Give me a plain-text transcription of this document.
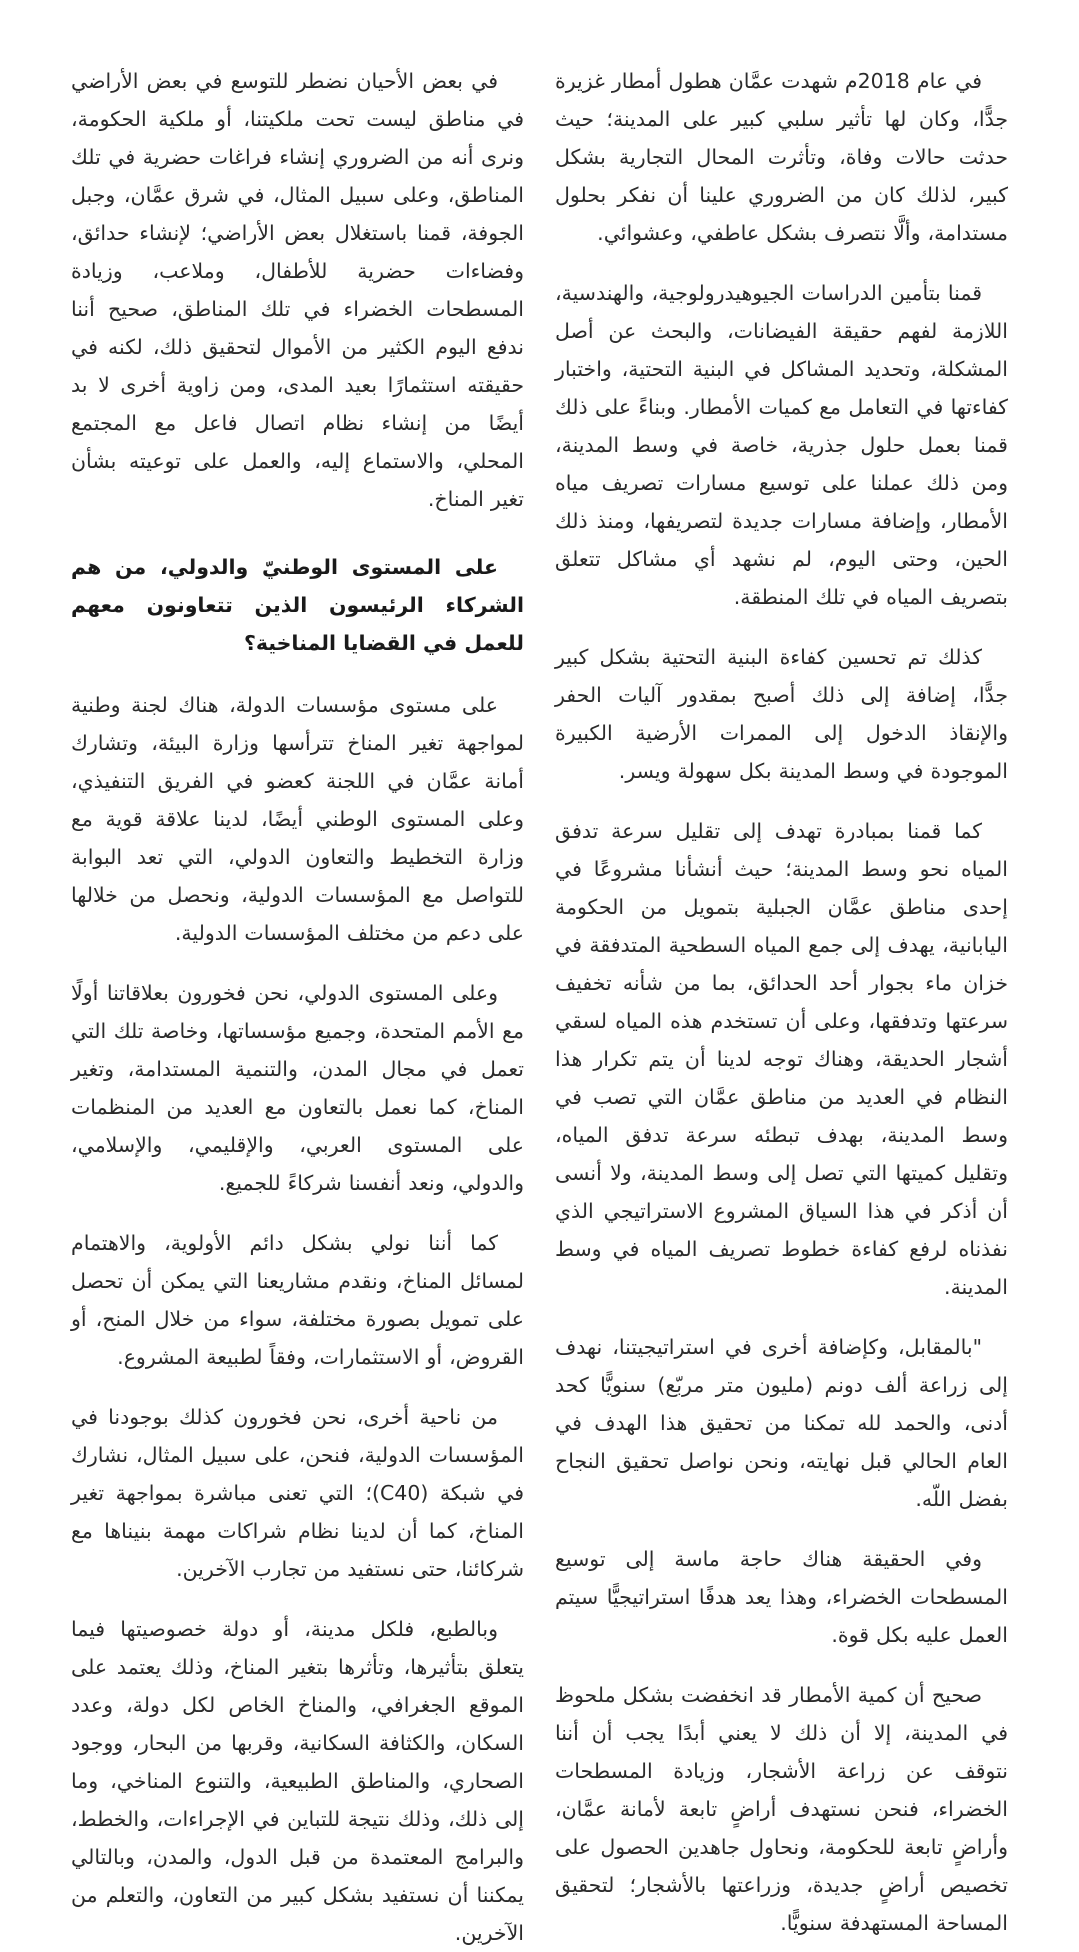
في عام 2018م شهدت عمَّان هطول أمطار غزيرة جدًّا، وكان لها تأثير سلبي كبير على المدينة؛ حيث حدثت حالات وفاة، وتأثرت المحال التجارية بشكل كبير، لذلك كان من الضروري علينا أن نفكر بحلول مستدامة، وألَّا نتصرف بشكل عاطفي، وعشوائي.

قمنا بتأمين الدراسات الجيوهيدرولوجية، والهندسية، اللازمة لفهم حقيقة الفيضانات، والبحث عن أصل المشكلة، وتحديد المشاكل في البنية التحتية، واختبار كفاءتها في التعامل مع كميات الأمطار. وبناءً على ذلك قمنا بعمل حلول جذرية، خاصة في وسط المدينة، ومن ذلك عملنا على توسيع مسارات تصريف مياه الأمطار، وإضافة مسارات جديدة لتصريفها، ومنذ ذلك الحين، وحتى اليوم، لم نشهد أي مشاكل تتعلق بتصريف المياه في تلك المنطقة.

كذلك تم تحسين كفاءة البنية التحتية بشكل كبير جدًّا، إضافة إلى ذلك أصبح بمقدور آليات الحفر والإنقاذ الدخول إلى الممرات الأرضية الكبيرة الموجودة في وسط المدينة بكل سهولة ويسر.

كما قمنا بمبادرة تهدف إلى تقليل سرعة تدفق المياه نحو وسط المدينة؛ حيث أنشأنا مشروعًا في إحدى مناطق عمَّان الجبلية بتمويل من الحكومة اليابانية، يهدف إلى جمع المياه السطحية المتدفقة في خزان ماء بجوار أحد الحدائق، بما من شأنه تخفيف سرعتها وتدفقها، وعلى أن تستخدم هذه المياه لسقي أشجار الحديقة، وهناك توجه لدينا أن يتم تكرار هذا النظام في العديد من مناطق عمَّان التي تصب في وسط المدينة، بهدف تبطئه سرعة تدفق المياه، وتقليل كميتها التي تصل إلى وسط المدينة، ولا أنسى أن أذكر في هذا السياق المشروع الاستراتيجي الذي نفذناه لرفع كفاءة خطوط تصريف المياه في وسط المدينة.

"بالمقابل، وكإضافة أخرى في استراتيجيتنا، نهدف إلى زراعة ألف دونم (مليون متر مربّع) سنويًّا كحد أدنى، والحمد لله تمكنا من تحقيق هذا الهدف في العام الحالي قبل نهايته، ونحن نواصل تحقيق النجاح بفضل اللّه.

وفي الحقيقة هناك حاجة ماسة إلى توسيع المسطحات الخضراء، وهذا يعد هدفًا استراتيجيًّا سيتم العمل عليه بكل قوة.

صحيح أن كمية الأمطار قد انخفضت بشكل ملحوظ في المدينة، إلا أن ذلك لا يعني أبدًا يجب أن أننا نتوقف عن زراعة الأشجار، وزيادة المسطحات الخضراء، فنحن نستهدف أراضٍ تابعة لأمانة عمَّان، وأراضٍ تابعة للحكومة، ونحاول جاهدين الحصول على تخصيص أراضٍ جديدة، وزراعتها بالأشجار؛ لتحقيق المساحة المستهدفة سنويًّا.

في بعض الأحيان نضطر للتوسع في بعض الأراضي في مناطق ليست تحت ملكيتنا، أو ملكية الحكومة، ونرى أنه من الضروري إنشاء فراغات حضرية في تلك المناطق، وعلى سبيل المثال، في شرق عمَّان، وجبل الجوفة، قمنا باستغلال بعض الأراضي؛ لإنشاء حدائق، وفضاءات حضرية للأطفال، وملاعب، وزيادة المسطحات الخضراء في تلك المناطق، صحيح أننا ندفع اليوم الكثير من الأموال لتحقيق ذلك، لكنه في حقيقته استثمارًا بعيد المدى، ومن زاوية أخرى لا بد أيضًا من إنشاء نظام اتصال فاعل مع المجتمع المحلي، والاستماع إليه، والعمل على توعيته بشأن تغير المناخ.

على المستوى الوطنيّ والدولي، من هم الشركاء الرئيسون الذين تتعاونون معهم للعمل في القضايا المناخية؟

على مستوى مؤسسات الدولة، هناك لجنة وطنية لمواجهة تغير المناخ تترأسها وزارة البيئة، وتشارك أمانة عمَّان في اللجنة كعضو في الفريق التنفيذي، وعلى المستوى الوطني أيضًا، لدينا علاقة قوية مع وزارة التخطيط والتعاون الدولي، التي تعد البوابة للتواصل مع المؤسسات الدولية، ونحصل من خلالها على دعم من مختلف المؤسسات الدولية.

وعلى المستوى الدولي، نحن فخورون بعلاقاتنا أولًا مع الأمم المتحدة، وجميع مؤسساتها، وخاصة تلك التي تعمل في مجال المدن، والتنمية المستدامة، وتغير المناخ، كما نعمل بالتعاون مع العديد من المنظمات على المستوى العربي، والإقليمي، والإسلامي، والدولي، ونعد أنفسنا شركاءً للجميع.

كما أننا نولي بشكل دائم الأولوية، والاهتمام لمسائل المناخ، ونقدم مشاريعنا التي يمكن أن تحصل على تمويل بصورة مختلفة، سواء من خلال المنح، أو القروض، أو الاستثمارات، وفقاً لطبيعة المشروع.

من ناحية أخرى، نحن فخورون كذلك بوجودنا في المؤسسات الدولية، فنحن، على سبيل المثال، نشارك في شبكة (C40)؛ التي تعنى مباشرة بمواجهة تغير المناخ، كما أن لدينا نظام شراكات مهمة بنيناها مع شركائنا، حتى نستفيد من تجارب الآخرين.

وبالطبع، فلكل مدينة، أو دولة خصوصيتها فيما يتعلق بتأثيرها، وتأثرها بتغير المناخ، وذلك يعتمد على الموقع الجغرافي، والمناخ الخاص لكل دولة، وعدد السكان، والكثافة السكانية، وقربها من البحار، ووجود الصحاري، والمناطق الطبيعية، والتنوع المناخي، وما إلى ذلك، وذلك نتيجة للتباين في الإجراءات، والخطط، والبرامج المعتمدة من قبل الدول، والمدن، وبالتالي يمكننا أن نستفيد بشكل كبير من التعاون، والتعلم من الآخرين.
